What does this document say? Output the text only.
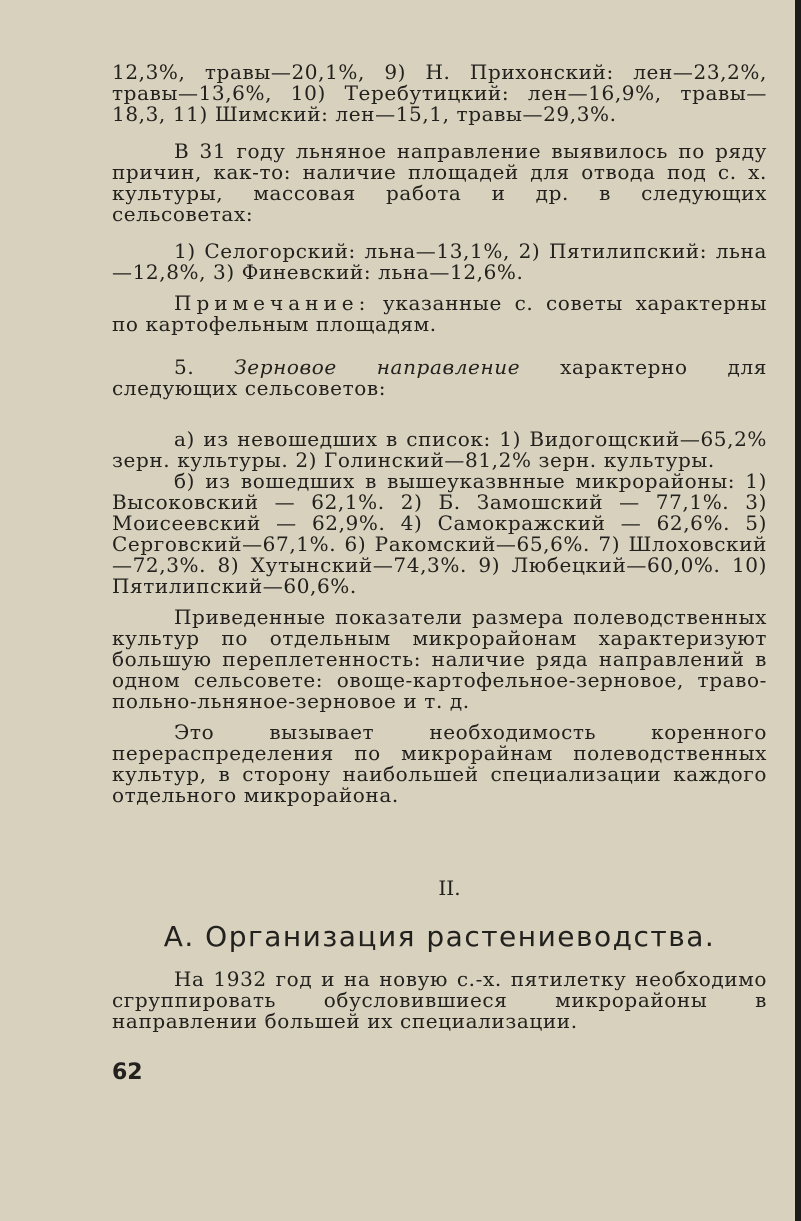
12,3%, травы—20,1%, 9) Н. Прихонский: лен—23,2%, травы—13,6%, 10) Теребутицкий: лен—16,9%, травы—18,3, 11) Шимский: лен—15,1, травы—29,3%.

В 31 году льняное направление выявилось по ряду причин, как-то: наличие площадей для отвода под с. х. культуры, массовая работа и др. в следующих сельсоветах:

1) Селогорский: льна—13,1%, 2) Пятилипский: льна—12,8%, 3) Финевский: льна—12,6%.

Примечание: указанные с. советы характерны по картофельным площадям.

5. Зерновое направление характерно для следующих сельсоветов:

а) из невошедших в список: 1) Видогощский—65,2% зерн. культуры. 2) Голинский—81,2% зерн. культуры.

б) из вошедших в вышеуказвнные микрорайоны: 1) Высоковский — 62,1%. 2) Б. Замошский — 77,1%. 3) Моисеевский — 62,9%. 4) Самокражский — 62,6%. 5) Серговский—67,1%. 6) Ракомский—65,6%. 7) Шлоховский—72,3%. 8) Хутынский—74,3%. 9) Любецкий—60,0%. 10) Пятилипский—60,6%.

Приведенные показатели размера полеводственных культур по отдельным микрорайонам характеризуют большую переплетенность: наличие ряда направлений в одном сельсовете: овоще-картофельное-зерновое, траво-польно-льняное-зерновое и т. д.

Это вызывает необходимость коренного перераспределения по микрорайнам полеводственных культур, в сторону наибольшей специализации каждого отдельного микрорайона.

II.
А. Организация растениеводства.

На 1932 год и на новую с.-х. пятилетку необходимо сгруппировать обусловившиеся микрорайоны в направлении большей их специализации.

62
